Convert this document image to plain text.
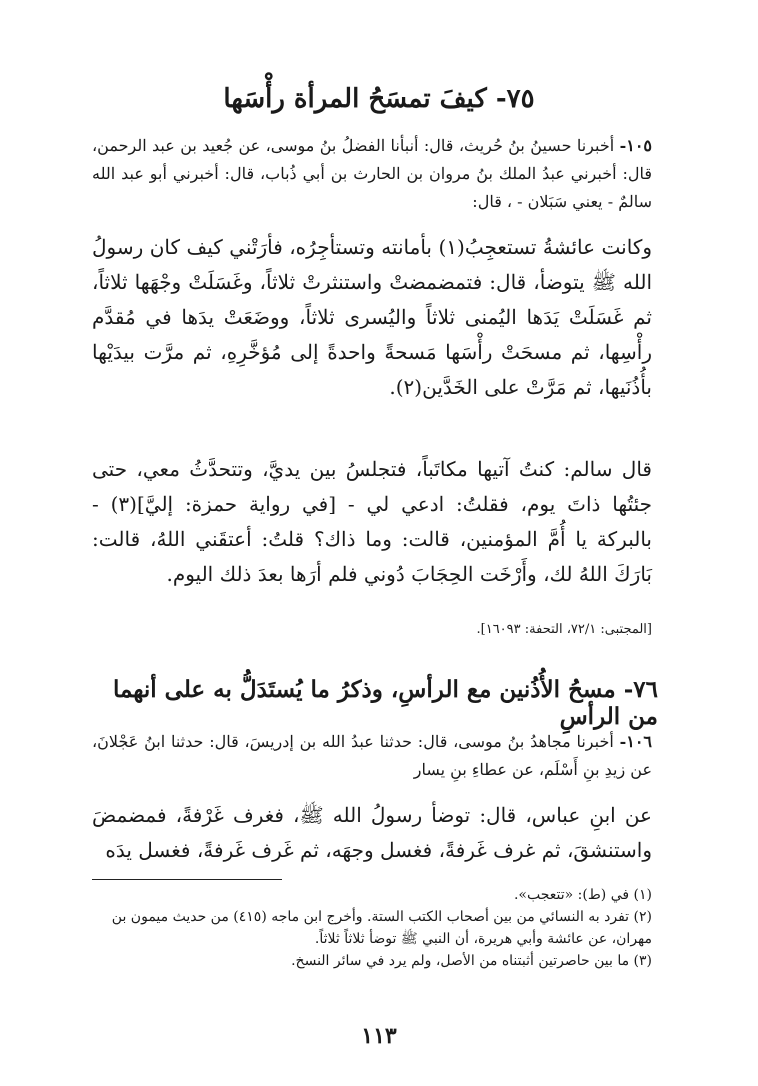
٧٥- كيفَ تمسَحُ المرأة رأْسَها
١٠٥- أخبرنا حسينُ بنُ حُريث، قال: أنبأنا الفضلُ بنُ موسى، عن جُعيد بن عبد الرحمن، قال: أخبرني عبدُ الملك بنُ مروان بن الحارث بن أبي ذُباب، قال: أخبرني أبو عبد الله سالمٌ - يعني سَبَلان - ، قال:
وكانت عائشةُ تستعجِبُ(١) بأمانته وتستأجِرُه، فأرَتْني كيف كان رسولُ الله ﷺ يتوضأ، قال: فتمضمضتْ واستنثرتْ ثلاثاً، وغَسَلَتْ وجْهَها ثلاثاً، ثم غَسَلَتْ يَدَها اليُمنى ثلاثاً واليُسرى ثلاثاً، ووضَعَتْ يدَها في مُقدَّم رأْسِها، ثم مسحَتْ رأْسَها مَسحةً واحدةً إلى مُؤخَّرِهِ، ثم مرَّت بيدَيْها بأُذُنَيها، ثم مَرَّتْ على الخَدَّين(٢).
قال سالم: كنتُ آتيها مكاتَباً، فتجلسُ بين يديَّ، وتتحدَّثُ معي، حتى جئتُها ذاتَ يوم، فقلتُ: ادعي لي - [في رواية حمزة: إليَّ](٣) - بالبركة يا أُمَّ المؤمنين، قالت: وما ذاك؟ قلتُ: أعتقَني اللهُ، قالت: بَارَكَ اللهُ لك، وأَرْخَت الحِجَابَ دُوني فلم أرَها بعدَ ذلك اليوم.
[المجتبى: ٧٢/١، التحفة: ١٦٠٩٣].
٧٦- مسحُ الأُذُنين مع الرأسِ، وذكرُ ما يُستَدَلُّ به على أنهما من الرأسِ
١٠٦- أخبرنا مجاهدُ بنُ موسى، قال: حدثنا عبدُ الله بن إدريسَ، قال: حدثنا ابنُ عَجْلانَ، عن زيدِ بنِ أَسْلَم، عن عطاءِ بنِ يسار
عن ابنِ عباس، قال: توضأ رسولُ الله ﷺ، فغرف غَرْفةً، فمضمضَ واستنشقَ، ثم غرف غَرفةً، فغسل وجهَه، ثم غَرف غَرفةً، فغسل يدَه

(١) في (ط): «تتعجب».

(٢) تفرد به النسائي من بين أصحاب الكتب الستة. وأخرج ابن ماجه (٤١٥) من حديث ميمون بن مهران، عن عائشة وأبي هريرة، أن النبي ﷺ توضأ ثلاثاً ثلاثاً.

(٣) ما بين حاصرتين أثبتناه من الأصل، ولم يرد في سائر النسخ.

١١٣
